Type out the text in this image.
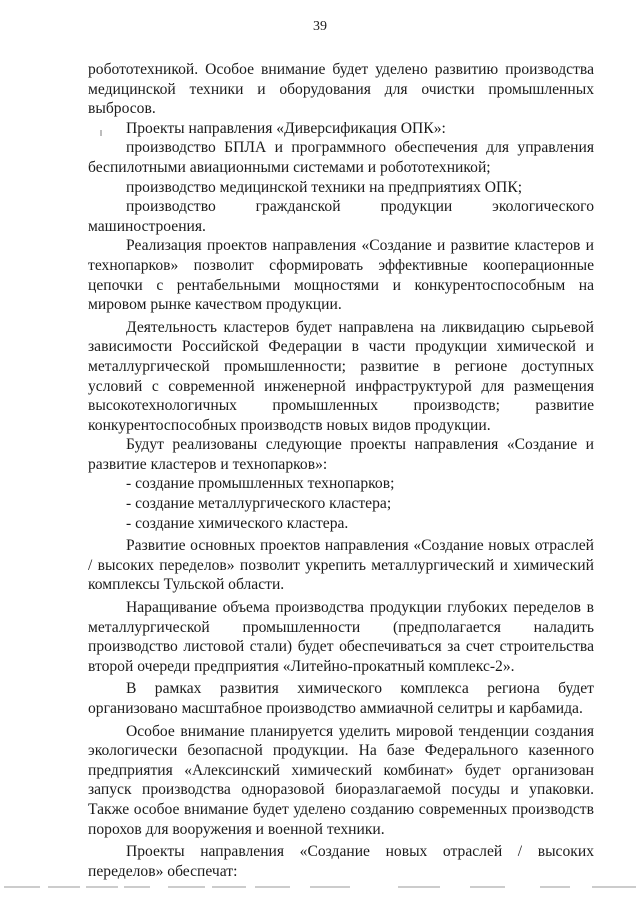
39

робототехникой. Особое внимание будет уделено развитию производства медицинской техники и оборудования для очистки промышленных выбросов.

Проекты направления «Диверсификация ОПК»:

производство БПЛА и программного обеспечения для управления беспилотными авиационными системами и робототехникой;

производство медицинской техники на предприятиях ОПК;

производство гражданской продукции экологического машиностроения.

Реализация проектов направления «Создание и развитие кластеров и технопарков» позволит сформировать эффективные кооперационные цепочки с рентабельными мощностями и конкурентоспособным на мировом рынке качеством продукции.

Деятельность кластеров будет направлена на ликвидацию сырьевой зависимости Российской Федерации в части продукции химической и металлургической промышленности; развитие в регионе доступных условий с современной инженерной инфраструктурой для размещения высокотехнологичных промышленных производств; развитие конкурентоспособных производств новых видов продукции.

Будут реализованы следующие проекты направления «Создание и развитие кластеров и технопарков»:

- создание промышленных технопарков;

- создание металлургического кластера;

- создание химического кластера.

Развитие основных проектов направления «Создание новых отраслей / высоких переделов» позволит укрепить металлургический и химический комплексы Тульской области.

Наращивание объема производства продукции глубоких переделов в металлургической промышленности (предполагается наладить производство листовой стали) будет обеспечиваться за счет строительства второй очереди предприятия «Литейно-прокатный комплекс-2».

В рамках развития химического комплекса региона будет организовано масштабное производство аммиачной селитры и карбамида.

Особое внимание планируется уделить мировой тенденции создания экологически безопасной продукции. На базе Федерального казенного предприятия «Алексинский химический комбинат» будет организован запуск производства одноразовой биоразлагаемой посуды и упаковки. Также особое внимание будет уделено созданию современных производств порохов для вооружения и военной техники.

Проекты направления «Создание новых отраслей / высоких переделов» обеспечат:
